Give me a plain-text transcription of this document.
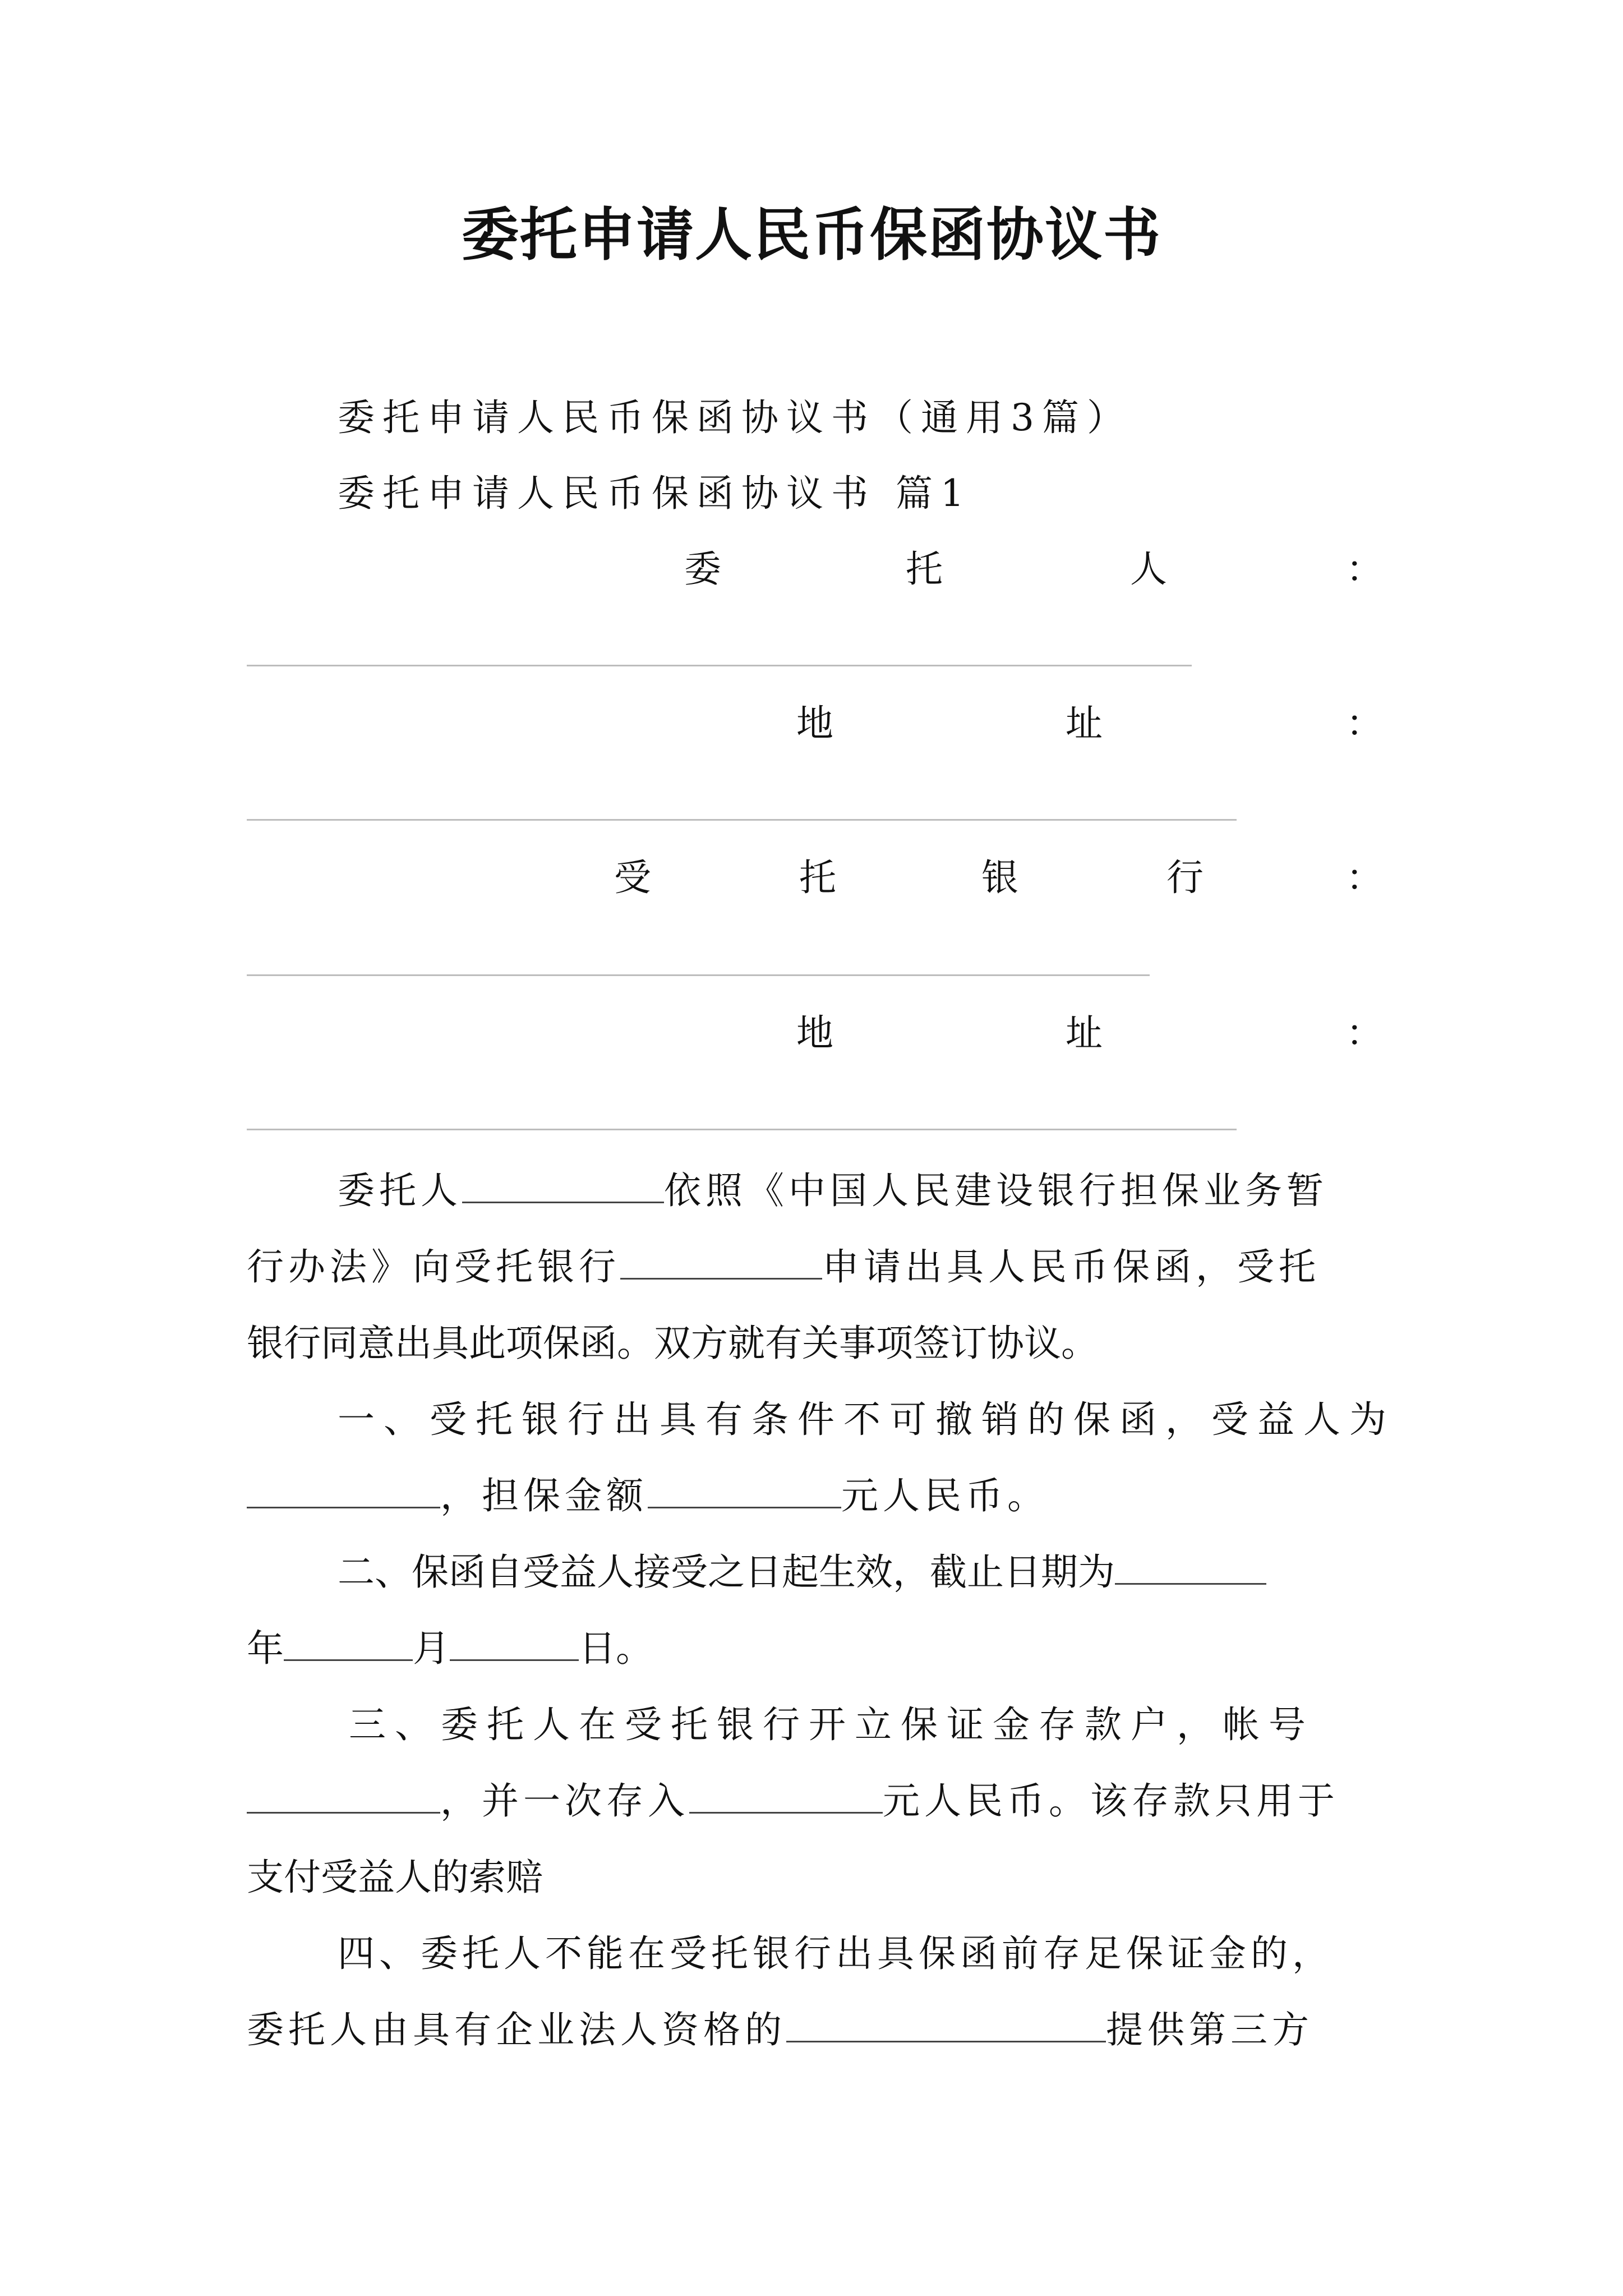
委托申请人民币保函协议书
委托申请人民币保函协议书（通用3篇）
委托申请人民币保函协议书 篇1
委	托	人	：
地	址	：
受	托	银	行	：
地	址	：
委托人	依照《中国人民建设银行担保业务暂
行办法》向受托银行	申请出具人民币保函，受托
银行同意出具此项保函。双方就有关事项签订协议。
一、受托银行出具有条件不可撤销的保函，受益人为
，担保金额	元人民币。
二、保函自受益人接受之日起生效，截止日期为
年	月	日。
三、委托人在受托银行开立保证金存款户，帐号
，并一次存入	元人民币。该存款只用于
支付受益人的索赔
四、委托人不能在受托银行出具保函前存足保证金的，
委托人由具有企业法人资格的	提供第三方
